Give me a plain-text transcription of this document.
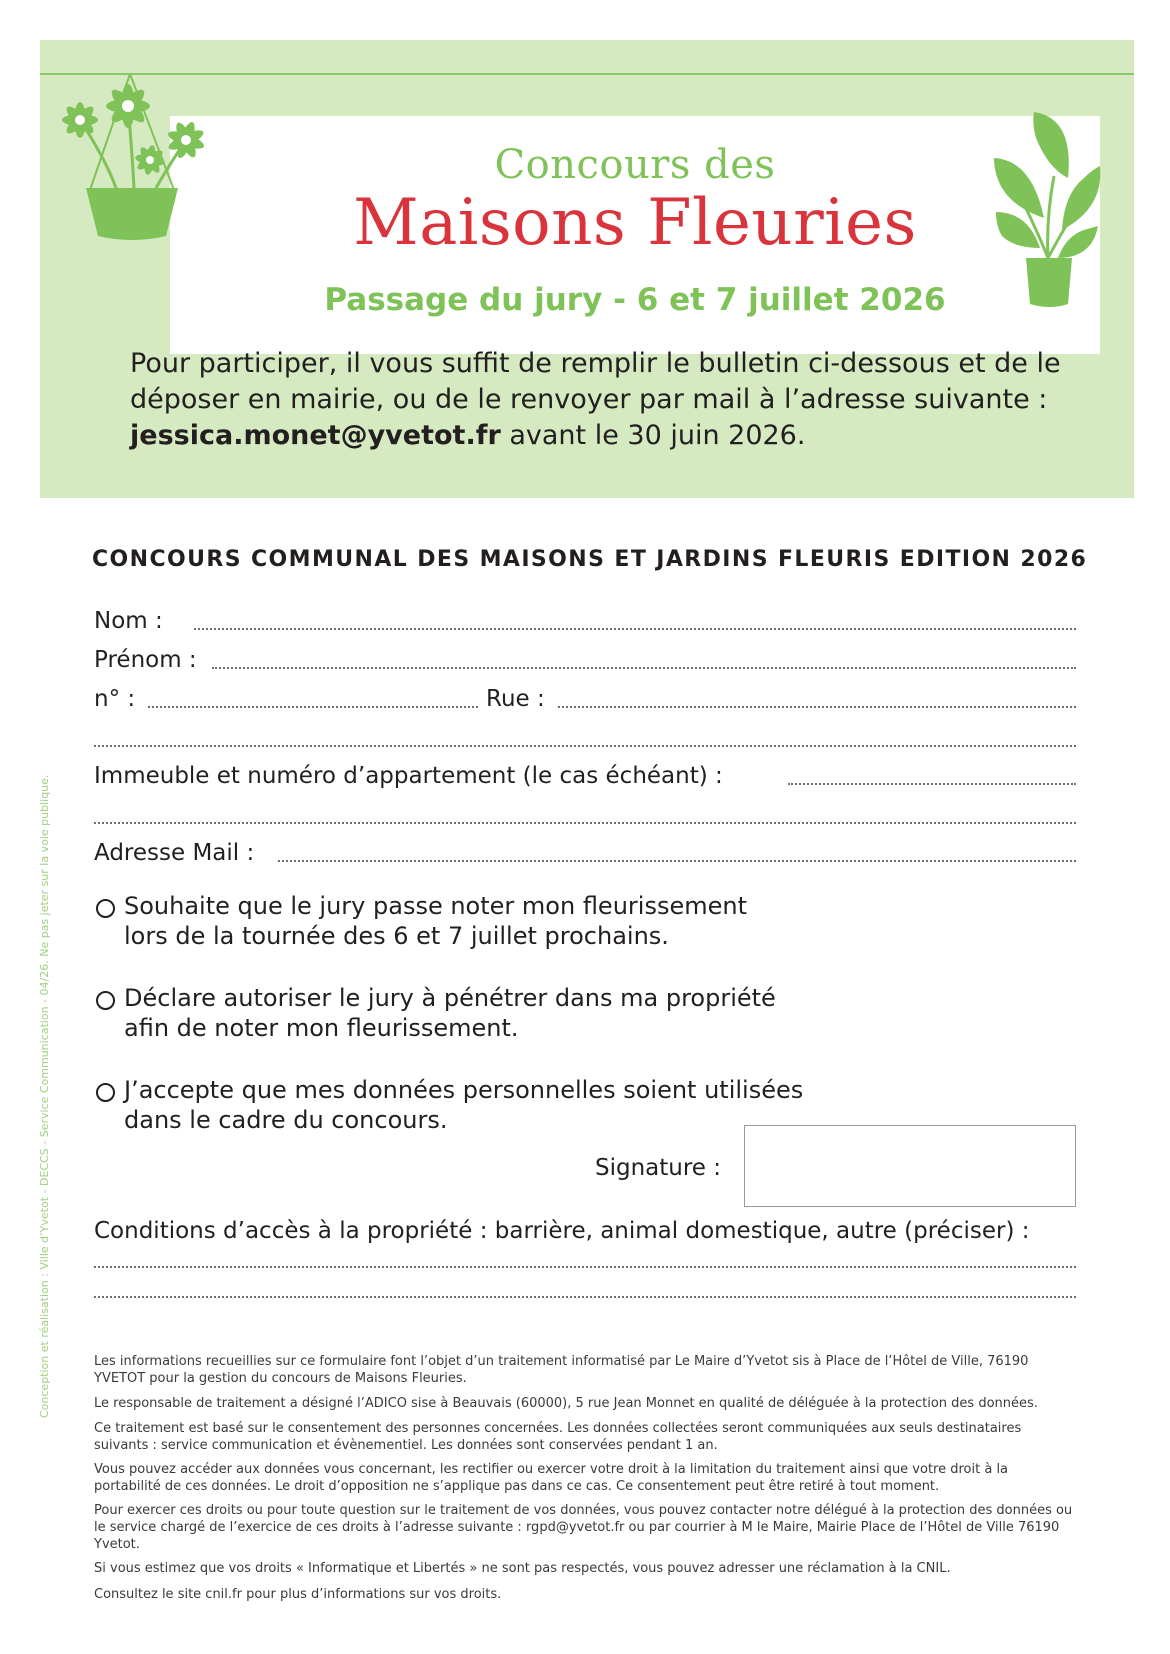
Concours des
Maisons Fleuries
Passage du jury - 6 et 7 juillet 2026
Pour participer, il vous suffit de remplir le bulletin ci-dessous et de le
déposer en mairie, ou de le renvoyer par mail à l’adresse suivante :
jessica.monet@yvetot.fr avant le 30 juin 2026.
CONCOURS COMMUNAL DES MAISONS ET JARDINS FLEURIS EDITION 2026
Nom :
Prénom :
n° :	Rue :
Immeuble et numéro d’appartement (le cas échéant) :
Adresse Mail :
Souhaite que le jury passe noter mon fleurissement
lors de la tournée des 6 et 7 juillet prochains.
Déclare autoriser le jury à pénétrer dans ma propriété
afin de noter mon fleurissement.
J’accepte que mes données personnelles soient utilisées
dans le cadre du concours.
Signature :
Conditions d’accès à la propriété : barrière, animal domestique, autre (préciser) :
Les informations recueillies sur ce formulaire font l’objet d’un traitement informatisé par Le Maire d’Yvetot sis à Place de l’Hôtel de Ville, 76190 YVETOT pour la gestion du concours de Maisons Fleuries.
Le responsable de traitement a désigné l’ADICO sise à Beauvais (60000), 5 rue Jean Monnet en qualité de déléguée à la protection des données.
Ce traitement est basé sur le consentement des personnes concernées. Les données collectées seront communiquées aux seuls destinataires suivants : service communication et évènementiel. Les données sont conservées pendant 1 an.
Vous pouvez accéder aux données vous concernant, les rectifier ou exercer votre droit à la limitation du traitement ainsi que votre droit à la portabilité de ces données. Le droit d’opposition ne s’applique pas dans ce cas. Ce consentement peut être retiré à tout moment.
Pour exercer ces droits ou pour toute question sur le traitement de vos données, vous pouvez contacter notre délégué à la protection des données ou le service chargé de l’exercice de ces droits à l’adresse suivante : rgpd@yvetot.fr ou par courrier à M le Maire, Mairie Place de l’Hôtel de Ville 76190 Yvetot.
Si vous estimez que vos droits « Informatique et Libertés » ne sont pas respectés, vous pouvez adresser une réclamation à la CNIL.
Consultez le site cnil.fr pour plus d’informations sur vos droits.
Conception et réalisation : Ville d’Yvetot - DECCS - Service Communication - 04/26. Ne pas jeter sur la voie publique.
